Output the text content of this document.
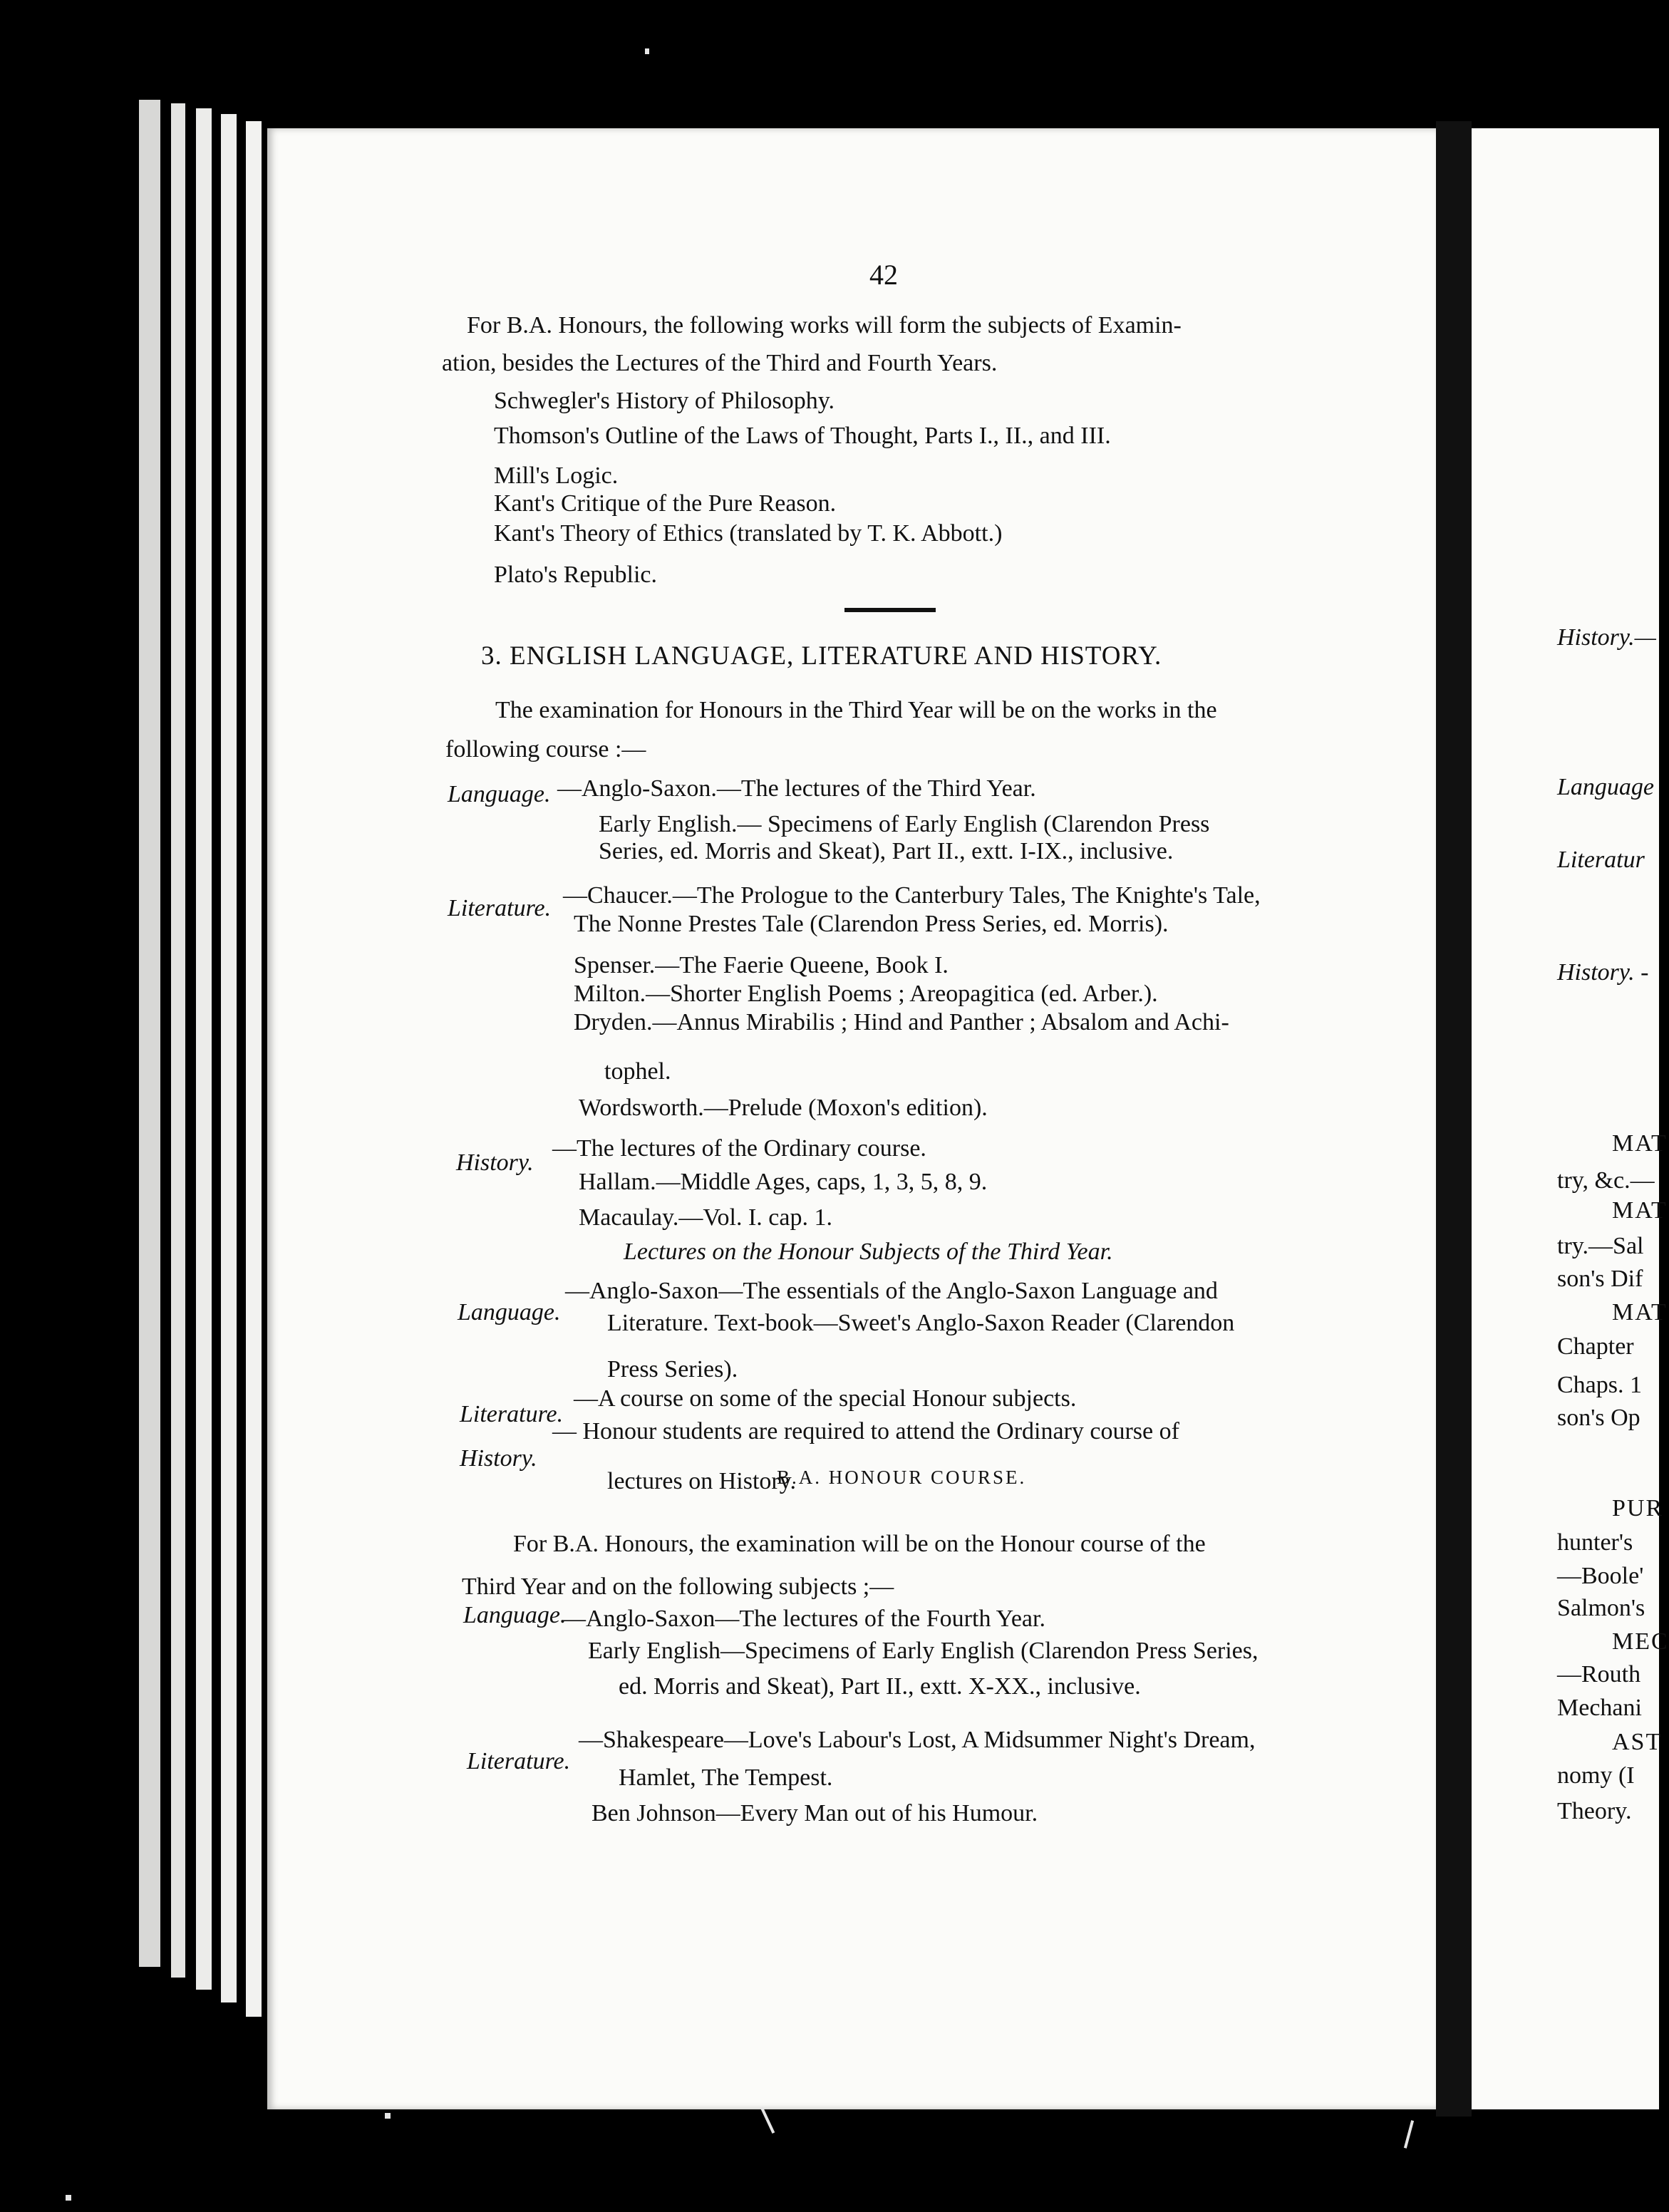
42
For B.A. Honours, the following works will form the subjects of Examin-
ation, besides the Lectures of the Third and Fourth Years.
Schwegler's History of Philosophy.
Thomson's Outline of the Laws of Thought, Parts I., II., and III.
Mill's Logic.
Kant's Critique of the Pure Reason.
Kant's Theory of Ethics (translated by T. K. Abbott.)
Plato's Republic.
3. ENGLISH LANGUAGE, LITERATURE AND HISTORY.
The examination for Honours in the Third Year will be on the works in the
following course :—
Language. —Anglo-Saxon.—The lectures of the Third Year.
Early English.— Specimens of Early English (Clarendon Press
Series, ed. Morris and Skeat), Part II., extt. I-IX., inclusive.
Literature. —Chaucer.—The Prologue to the Canterbury Tales, The Knighte's Tale,
The Nonne Prestes Tale (Clarendon Press Series, ed. Morris).
Spenser.—The Faerie Queene, Book I.
Milton.—Shorter English Poems ; Areopagitica (ed. Arber.).
Dryden.—Annus Mirabilis ; Hind and Panther ; Absalom and Achi-
tophel.
Wordsworth.—Prelude (Moxon's edition).
History.
—The lectures of the Ordinary course.
Hallam.—Middle Ages, caps, 1, 3, 5, 8, 9.
Macaulay.—Vol. I. cap. 1.
Lectures on the Honour Subjects of the Third Year.
Language.
—Anglo-Saxon—The essentials of the Anglo-Saxon Language and
Literature. Text-book—Sweet's Anglo-Saxon Reader (Clarendon
Press Series).
Literature.
—A course on some of the special Honour subjects.
History.
— Honour students are required to attend the Ordinary course of
lectures on History.
B.A. HONOUR COURSE.
For B.A. Honours, the examination will be on the Honour course of the
Third Year and on the following subjects ;—
Language.
—Anglo-Saxon—The lectures of the Fourth Year.
Early English—Specimens of Early English (Clarendon Press Series,
ed. Morris and Skeat), Part II., extt. X-XX., inclusive.
Literature.
—Shakespeare—Love's Labour's Lost, A Midsummer Night's Dream,
Hamlet, The Tempest.
Ben Johnson—Every Man out of his Humour.
History.—
Language
Literatur
History. -
MAT
try, &c.—
MAT
try.—Sal
son's Dif
MAT
Chapter
Chaps. 1
son's Op
PUR
hunter's
—Boole'
Salmon's
MEC
—Routh
Mechani
AST
nomy (I
Theory.
